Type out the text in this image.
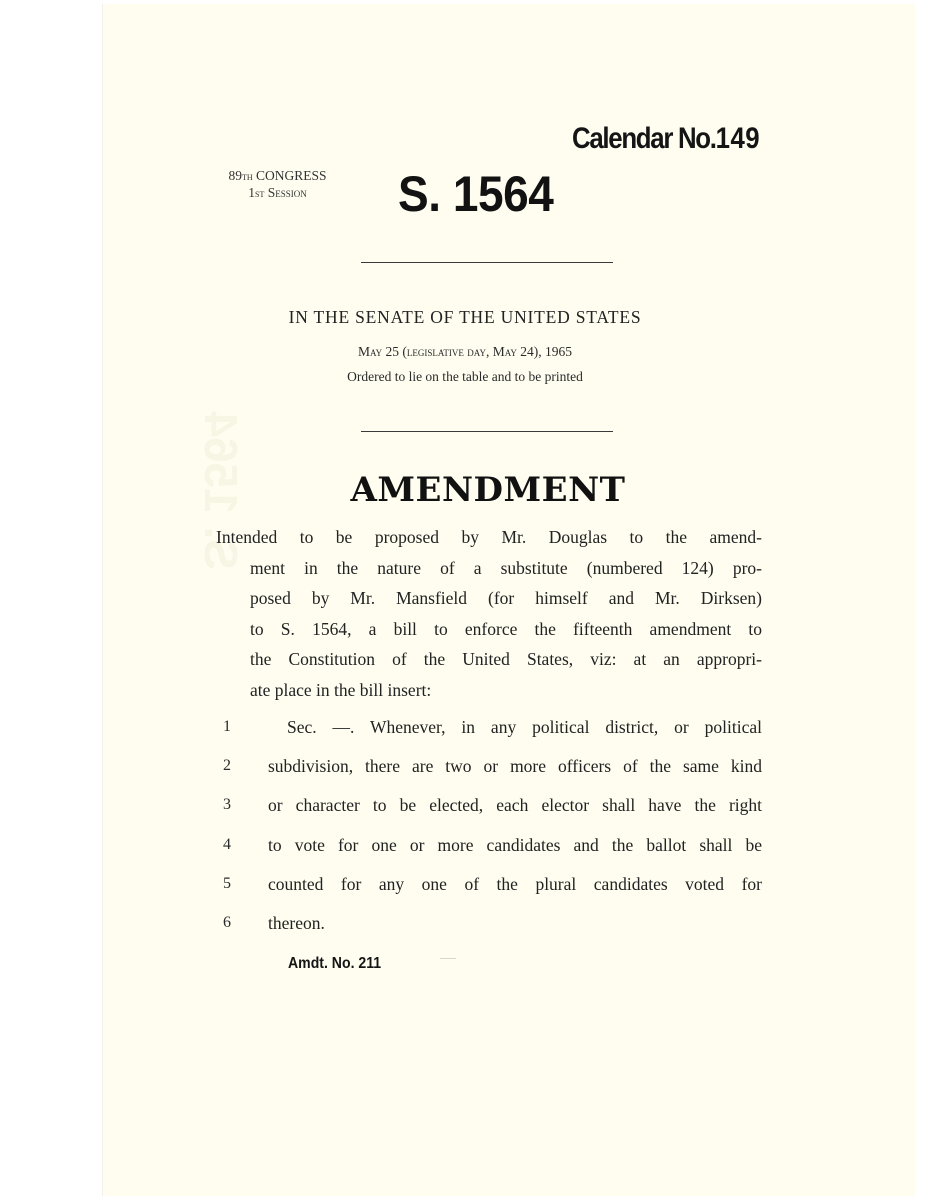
Calendar No.149
89th CONGRESS
1st Session	S. 1564
IN THE SENATE OF THE UNITED STATES
May 25 (legislative day, May 24), 1965
Ordered to lie on the table and to be printed
AMENDMENT
Intended to be proposed by Mr. Douglas to the amend-
ment in the nature of a substitute (numbered 124) pro-
posed by Mr. Mansfield (for himself and Mr. Dirksen)
to S. 1564, a bill to enforce the fifteenth amendment to
the Constitution of the United States, viz: at an appropri-
ate place in the bill insert:
1	Sec. —. Whenever, in any political district, or political
2	subdivision, there are two or more officers of the same kind
3	or character to be elected, each elector shall have the right
4	to vote for one or more candidates and the ballot shall be
5	counted for any one of the plural candidates voted for
6	thereon.
Amdt. No. 211
